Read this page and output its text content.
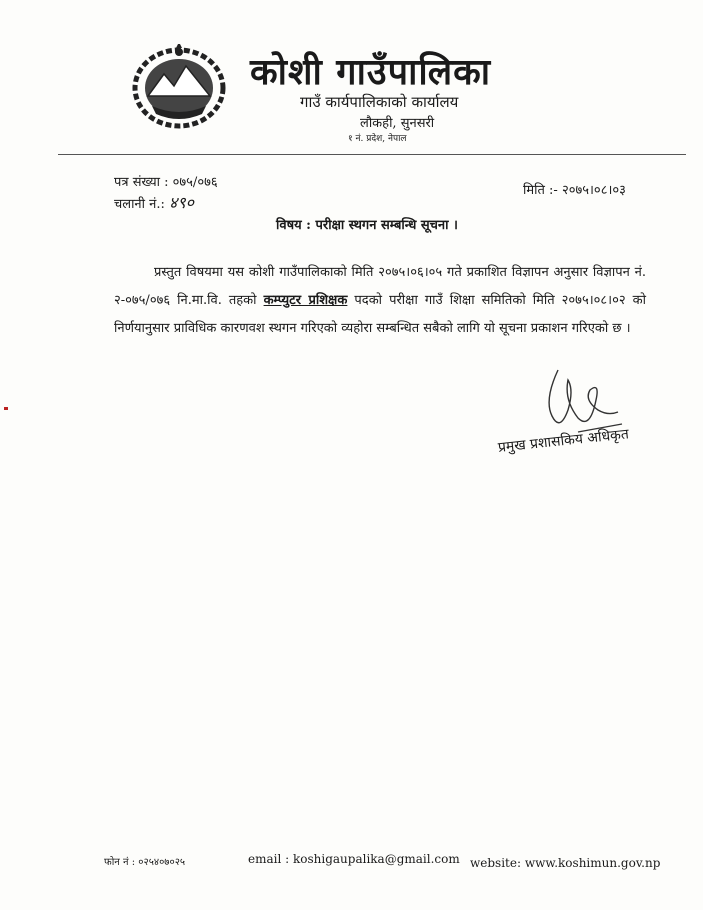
कोशी गाउँपालिका
गाउँ कार्यपालिकाको कार्यालय
लौकही, सुनसरी
१ नं. प्रदेश, नेपाल
पत्र संख्या : ०७५/०७६
चलानी नं.: ४९०
मिति :- २०७५।०८।०३
विषय : परीक्षा स्थगन सम्बन्धि सूचना ।
प्रस्तुत विषयमा यस कोशी गाउँपालिकाको मिति २०७५।०६।०५ गते प्रकाशित विज्ञापन अनुसार विज्ञापन नं. २-०७५/०७६ नि.मा.वि. तहको कम्प्युटर प्रशिक्षक पदको परीक्षा गाउँ शिक्षा समितिको मिति २०७५।०८।०२ को निर्णयानुसार प्राविधिक कारणवश स्थगन गरिएको व्यहोरा सम्बन्धित सबैको लागि यो सूचना प्रकाशन गरिएको छ ।
प्रमुख प्रशासकिय अधिकृत
फोन नं : ०२५४०७०२५	email : koshigaupalika@gmail.com website: www.koshimun.gov.np
